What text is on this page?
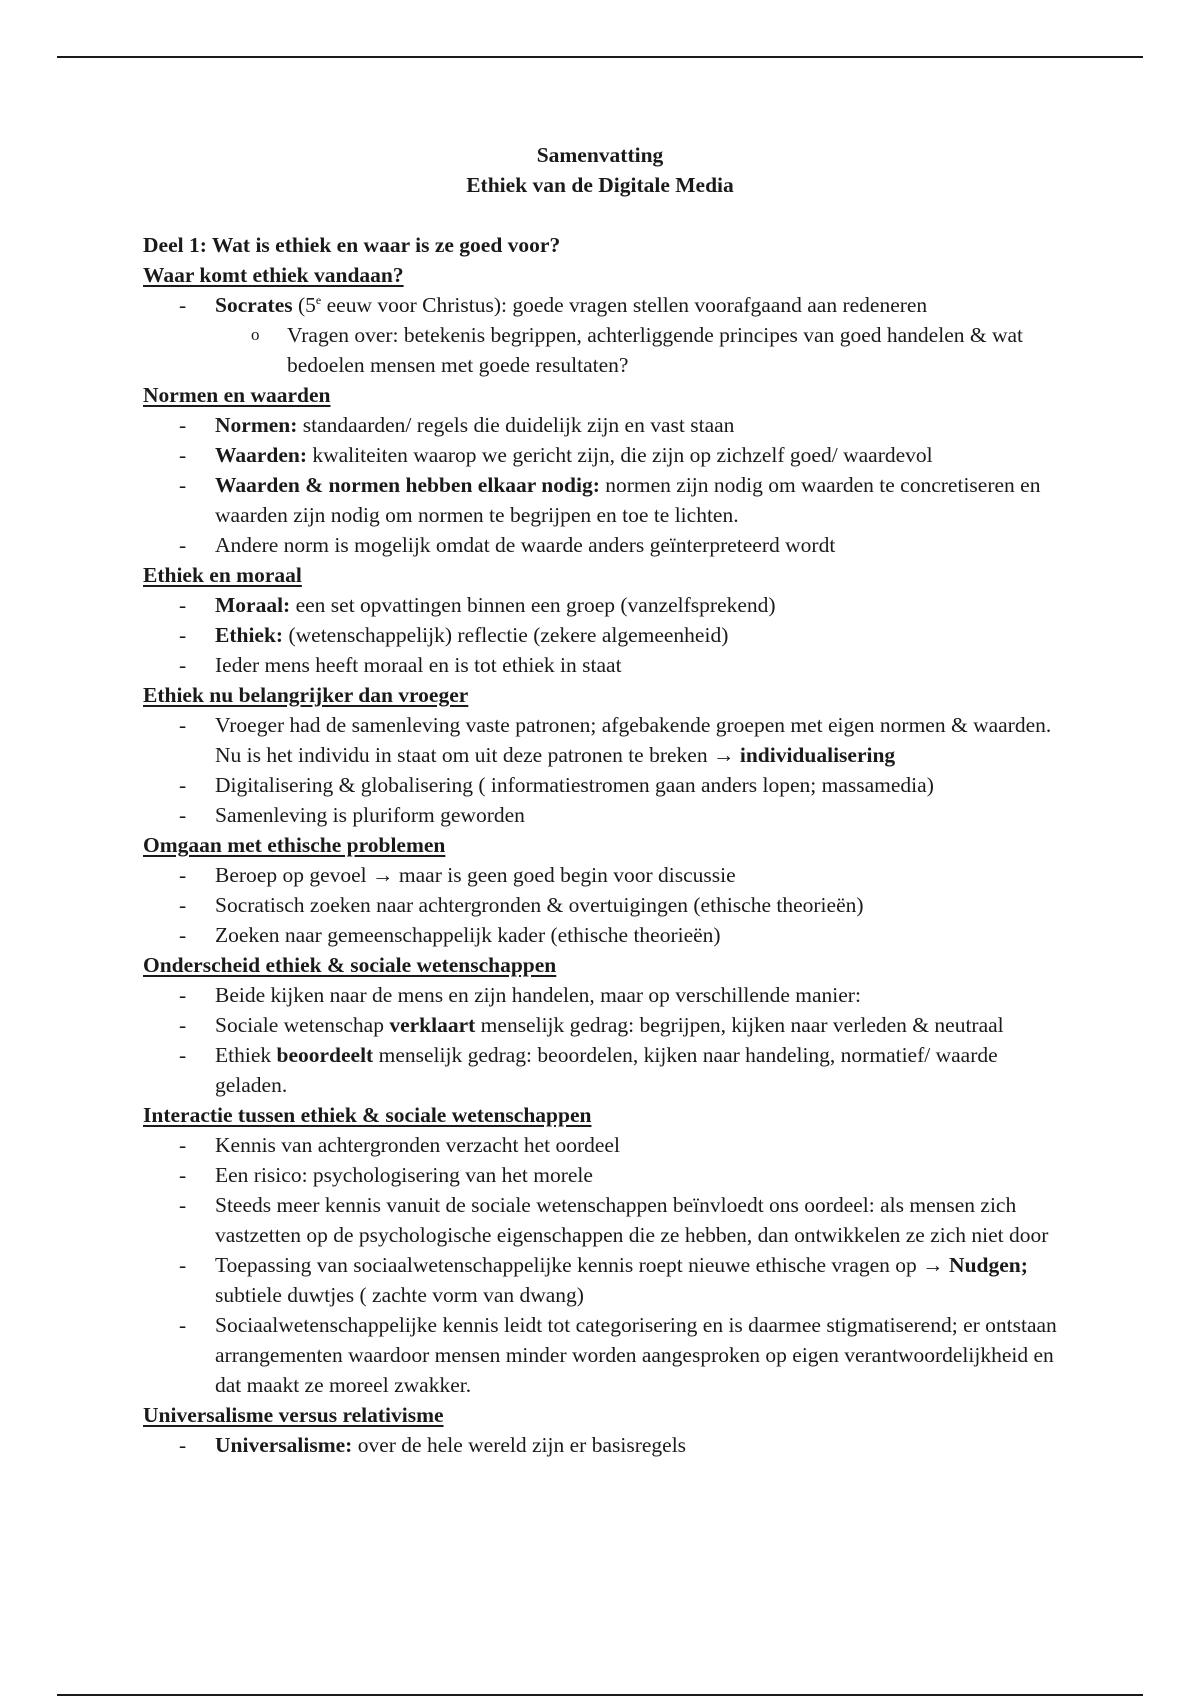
Samenvatting
Ethiek van de Digitale Media
Deel 1: Wat is ethiek en waar is ze goed voor?
Waar komt ethiek vandaan?
- Socrates (5e eeuw voor Christus): goede vragen stellen voorafgaand aan redeneren
o Vragen over: betekenis begrippen, achterliggende principes van goed handelen & wat bedoelen mensen met goede resultaten?
Normen en waarden
- Normen: standaarden/ regels die duidelijk zijn en vast staan
- Waarden: kwaliteiten waarop we gericht zijn, die zijn op zichzelf goed/ waardevol
- Waarden & normen hebben elkaar nodig: normen zijn nodig om waarden te concretiseren en waarden zijn nodig om normen te begrijpen en toe te lichten.
- Andere norm is mogelijk omdat de waarde anders geïnterpreteerd wordt
Ethiek en moraal
- Moraal: een set opvattingen binnen een groep (vanzelfsprekend)
- Ethiek: (wetenschappelijk) reflectie (zekere algemeenheid)
- Ieder mens heeft moraal en is tot ethiek in staat
Ethiek nu belangrijker dan vroeger
- Vroeger had de samenleving vaste patronen; afgebakende groepen met eigen normen & waarden. Nu is het individu in staat om uit deze patronen te breken → individualisering
- Digitalisering & globalisering ( informatiestromen gaan anders lopen; massamedia)
- Samenleving is pluriform geworden
Omgaan met ethische problemen
- Beroep op gevoel → maar is geen goed begin voor discussie
- Socratisch zoeken naar achtergronden & overtuigingen (ethische theorieën)
- Zoeken naar gemeenschappelijk kader (ethische theorieën)
Onderscheid ethiek & sociale wetenschappen
- Beide kijken naar de mens en zijn handelen, maar op verschillende manier:
- Sociale wetenschap verklaart menselijk gedrag: begrijpen, kijken naar verleden & neutraal
- Ethiek beoordeelt menselijk gedrag: beoordelen, kijken naar handeling, normatief/ waarde geladen.
Interactie tussen ethiek & sociale wetenschappen
- Kennis van achtergronden verzacht het oordeel
- Een risico: psychologisering van het morele
- Steeds meer kennis vanuit de sociale wetenschappen beïnvloedt ons oordeel: als mensen zich vastzetten op de psychologische eigenschappen die ze hebben, dan ontwikkelen ze zich niet door
- Toepassing van sociaalwetenschappelijke kennis roept nieuwe ethische vragen op → Nudgen; subtiele duwtjes ( zachte vorm van dwang)
- Sociaalwetenschappelijke kennis leidt tot categorisering en is daarmee stigmatiserend; er ontstaan arrangementen waardoor mensen minder worden aangesproken op eigen verantwoordelijkheid en dat maakt ze moreel zwakker.
Universalisme versus relativisme
- Universalisme: over de hele wereld zijn er basisregels
